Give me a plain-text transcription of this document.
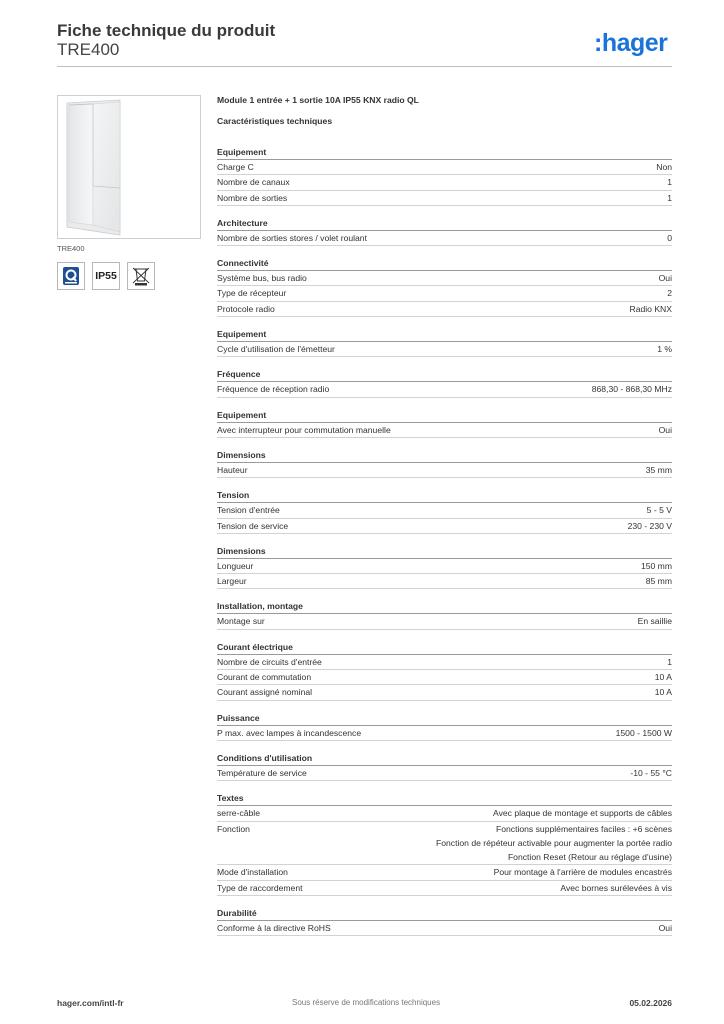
Fiche technique du produit
TRE400	:hager
TRE400
IP55
Module 1 entrée + 1 sortie 10A IP55 KNX radio QL
Caractéristiques techniques
Equipement
Charge C	Non
Nombre de canaux	1
Nombre de sorties	1
Architecture
Nombre de sorties stores / volet roulant	0
Connectivité
Système bus, bus radio	Oui
Type de récepteur	2
Protocole radio	Radio KNX
Equipement
Cycle d'utilisation de l'émetteur	1 %
Fréquence
Fréquence de réception radio	868,30 - 868,30 MHz
Equipement
Avec interrupteur pour commutation manuelle	Oui
Dimensions
Hauteur	35 mm
Tension
Tension d'entrée	5 - 5 V
Tension de service	230 - 230 V
Dimensions
Longueur	150 mm
Largeur	85 mm
Installation, montage
Montage sur	En saillie
Courant électrique
Nombre de circuits d'entrée	1
Courant de commutation	10 A
Courant assigné nominal	10 A
Puissance
P max. avec lampes à incandescence	1500 - 1500 W
Conditions d'utilisation
Température de service	-10 - 55 °C
Textes
serre-câble	Avec plaque de montage et supports de câbles
Fonction	Fonctions supplémentaires faciles : +6 scènes
Fonction de répéteur activable pour augmenter la portée radio
Fonction Reset (Retour au réglage d'usine)
Mode d'installation	Pour montage à l'arrière de modules encastrés
Type de raccordement	Avec bornes surélevées à vis
Durabilité
Conforme à la directive RoHS	Oui
hager.com/intl-fr	Sous réserve de modifications techniques	05.02.2026
